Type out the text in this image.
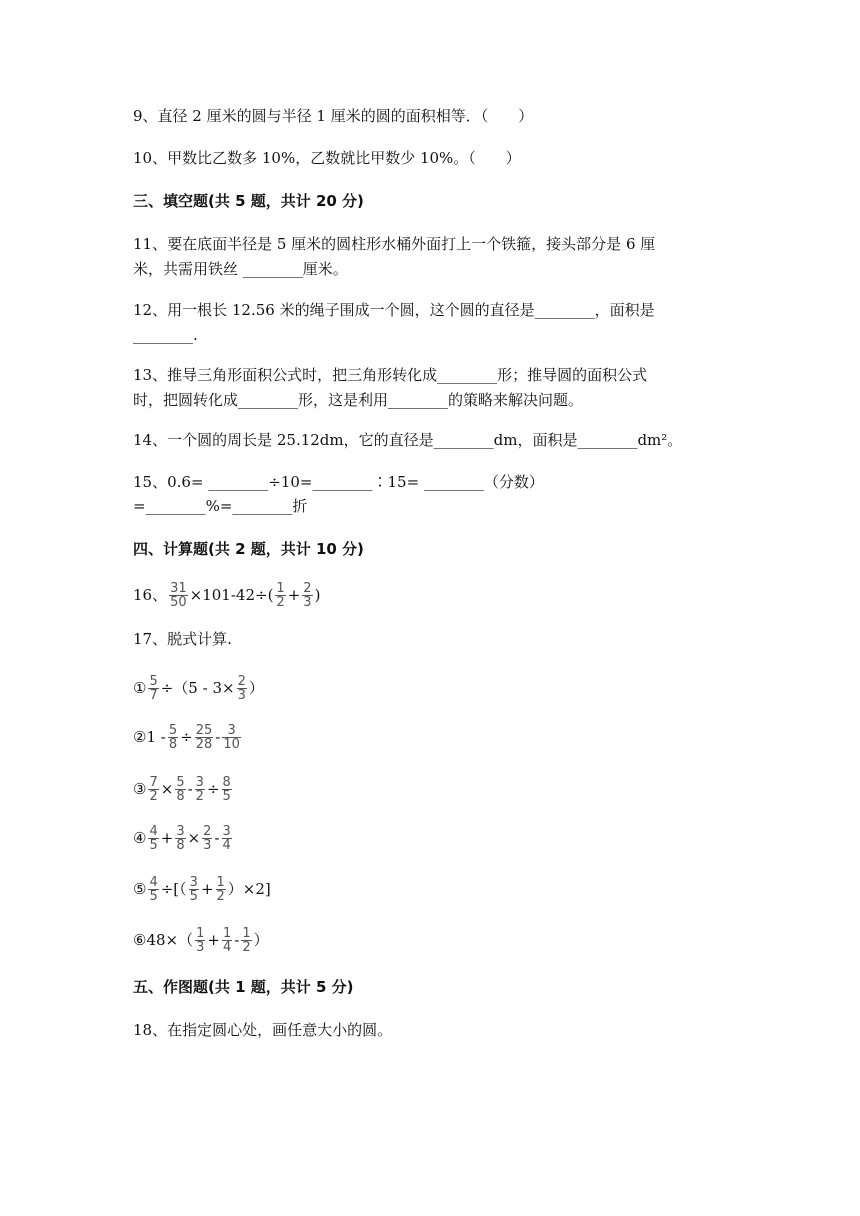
9、直径 2 厘米的圆与半径 1 厘米的圆的面积相等．（　　）
10、甲数比乙数多 10%，乙数就比甲数少 10%。（　　）
三、填空题(共 5 题，共计 20 分)
11、要在底面半径是 5 厘米的圆柱形水桶外面打上一个铁箍，接头部分是 6 厘
米，共需用铁丝 ________厘米。
12、用一根长 12.56 米的绳子围成一个圆，这个圆的直径是________，面积是
________.
13、推导三角形面积公式时，把三角形转化成________形；推导圆的面积公式
时，把圆转化成________形，这是利用________的策略来解决问题。
14、一个圆的周长是 25.12dm，它的直径是________dm，面积是________dm²。
15、0.6= ________÷10=________∶15= ________（分数）
=________%=________折
四、计算题(共 2 题，共计 10 分)
16、 $\frac{31}{50} \times 101-42\div( \frac{1}{2} + \frac{2}{3}$ )
17、脱式计算.
① $\frac{5}{7} \div(5 - 3\times \frac{2}{3}$ ）
②1 - $\frac{5}{8} \div \frac{25}{28} - \frac{3}{10}$
③ $\frac{7}{2} \times \frac{5}{8} - \frac{3}{2} \div \frac{8}{5}$
④ $\frac{4}{5} + \frac{3}{8} \times \frac{2}{3} - \frac{3}{4}$
⑤ $\frac{4}{5}$ ÷[（ $\frac{3}{5} + \frac{1}{2} )\times 2$]
⑥48×（ $\frac{1}{3} + \frac{1}{4} - \frac{1}{2}$ ）
五、作图题(共 1 题，共计 5 分)
18、在指定圆心处，画任意大小的圆。
